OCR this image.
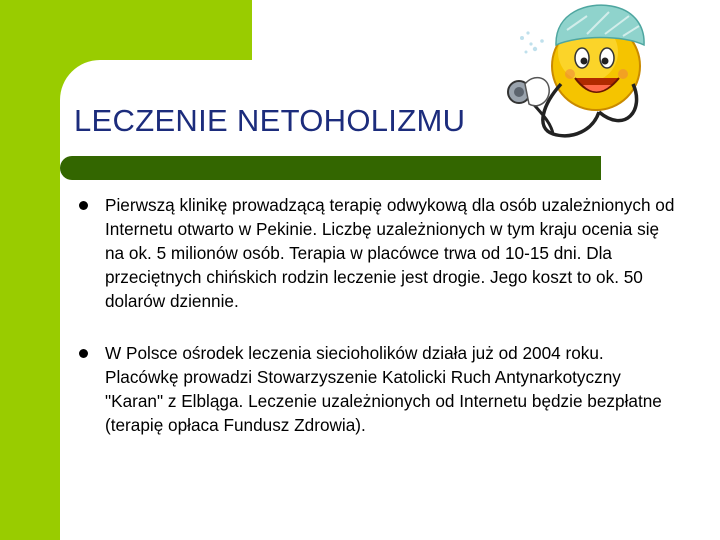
LECZENIE NETOHOLIZMU
Pierwszą klinikę prowadzącą terapię odwykową dla osób uzależnionych od Internetu otwarto w Pekinie. Liczbę uzależnionych w tym kraju ocenia się na ok. 5 milionów osób. Terapia w placówce trwa od 10-15 dni. Dla przeciętnych chińskich rodzin leczenie jest drogie. Jego koszt to ok. 50 dolarów dziennie.
W Polsce ośrodek leczenia siecioholików działa już od 2004 roku. Placówkę prowadzi Stowarzyszenie Katolicki Ruch Antynarkotyczny "Karan" z Elbląga. Leczenie uzależnionych od Internetu będzie bezpłatne (terapię opłaca Fundusz Zdrowia).
